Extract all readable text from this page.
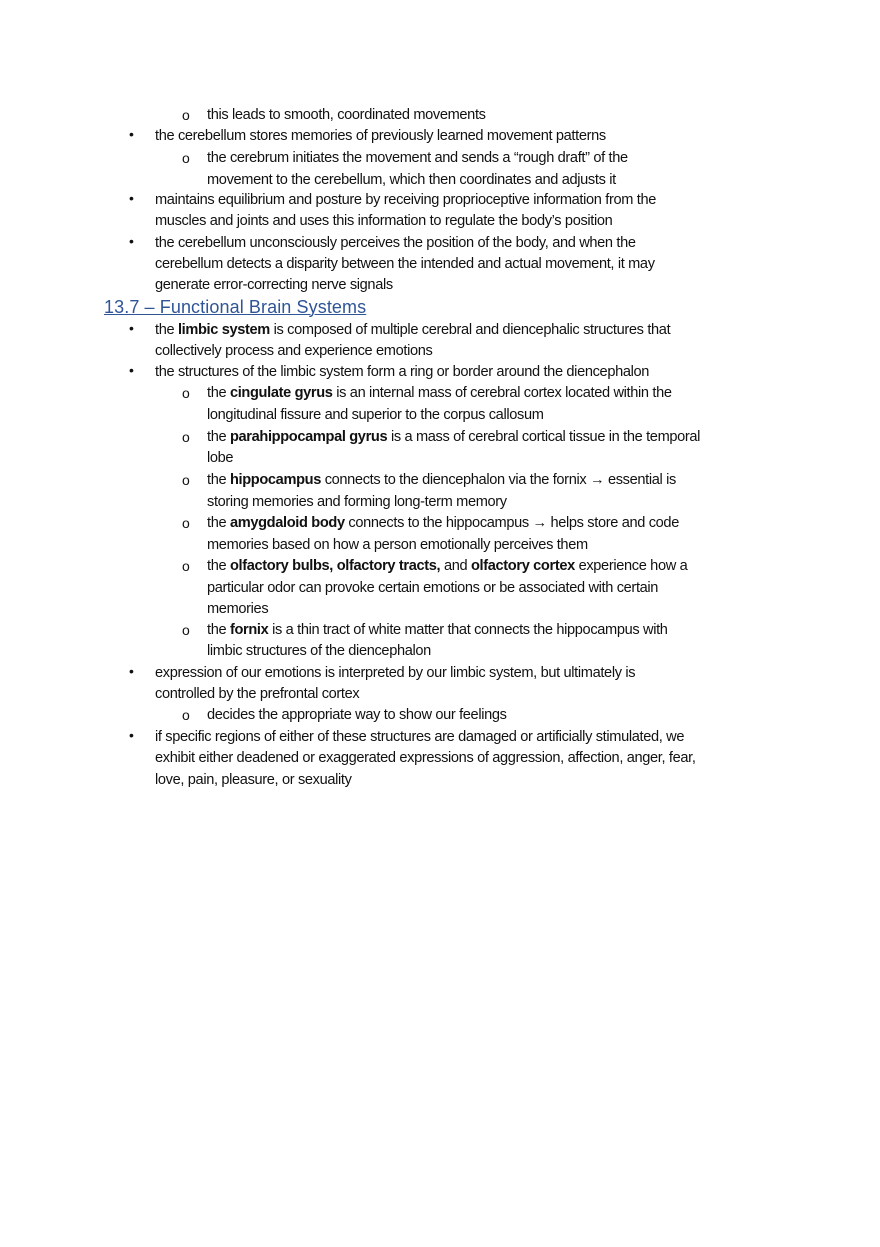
o this leads to smooth, coordinated movements
• the cerebellum stores memories of previously learned movement patterns
o the cerebrum initiates the movement and sends a “rough draft” of the
movement to the cerebellum, which then coordinates and adjusts it
• maintains equilibrium and posture by receiving proprioceptive information from the
muscles and joints and uses this information to regulate the body’s position
• the cerebellum unconsciously perceives the position of the body, and when the
cerebellum detects a disparity between the intended and actual movement, it may
generate error-correcting nerve signals
13.7 – Functional Brain Systems
• the limbic system is composed of multiple cerebral and diencephalic structures that
collectively process and experience emotions
• the structures of the limbic system form a ring or border around the diencephalon
o the cingulate gyrus is an internal mass of cerebral cortex located within the
longitudinal fissure and superior to the corpus callosum
o the parahippocampal gyrus is a mass of cerebral cortical tissue in the temporal
lobe
o the hippocampus connects to the diencephalon via the fornix → essential is
storing memories and forming long-term memory
o the amygdaloid body connects to the hippocampus → helps store and code
memories based on how a person emotionally perceives them
o the olfactory bulbs, olfactory tracts, and olfactory cortex experience how a
particular odor can provoke certain emotions or be associated with certain
memories
o the fornix is a thin tract of white matter that connects the hippocampus with
limbic structures of the diencephalon
• expression of our emotions is interpreted by our limbic system, but ultimately is
controlled by the prefrontal cortex
o decides the appropriate way to show our feelings
• if specific regions of either of these structures are damaged or artificially stimulated, we
exhibit either deadened or exaggerated expressions of aggression, affection, anger, fear,
love, pain, pleasure, or sexuality
